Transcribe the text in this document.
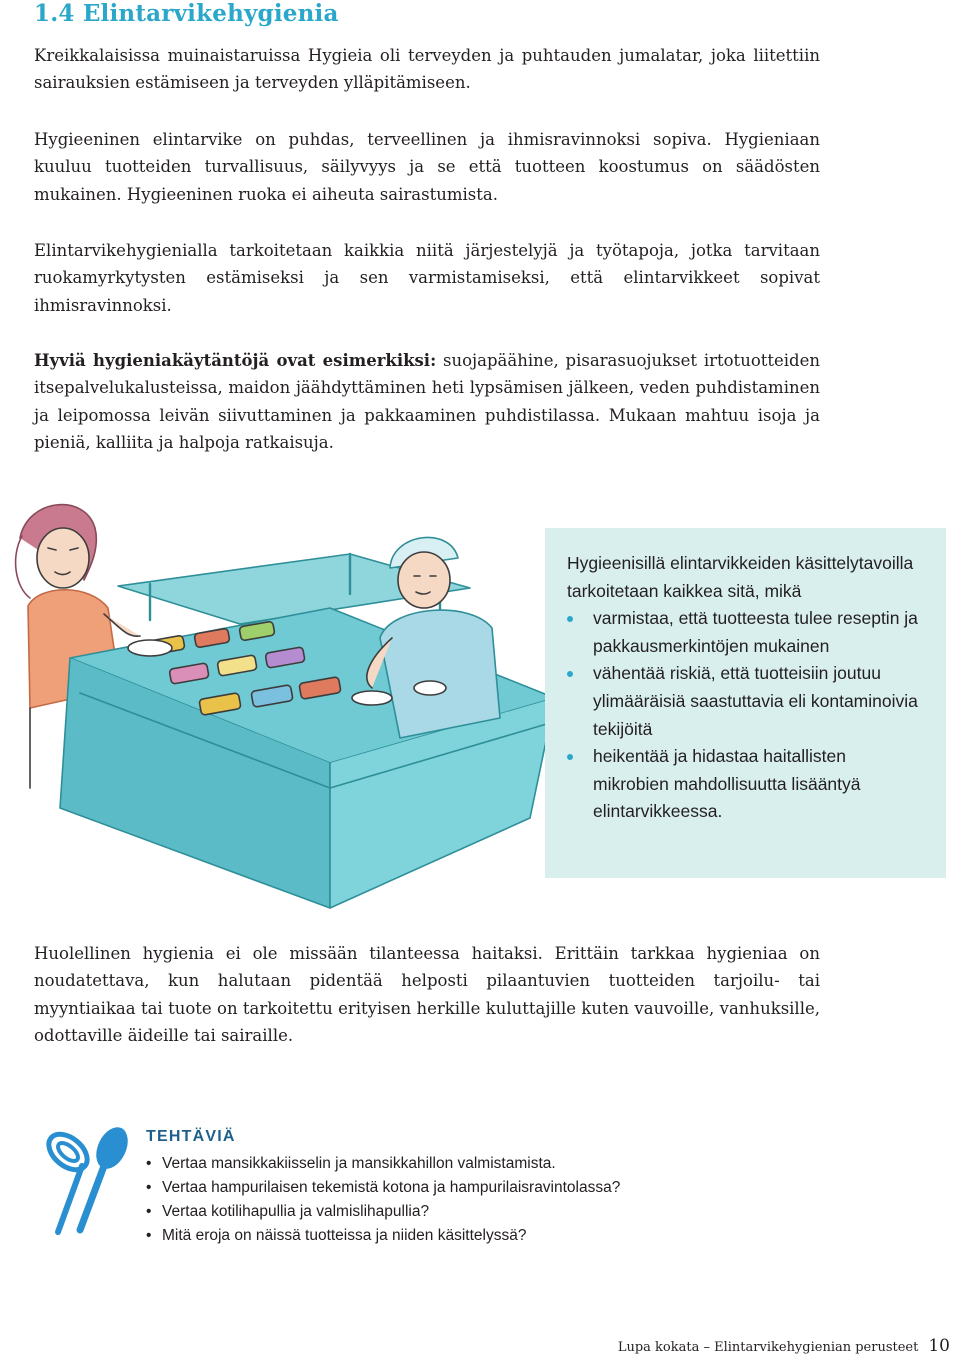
1.4 Elintarvikehygienia

Kreikkalaisissa muinaistaruissa Hygieia oli terveyden ja puhtauden jumalatar, joka liitettiin sairauksien estämiseen ja terveyden ylläpitämiseen.

Hygieeninen elintarvike on puhdas, terveellinen ja ihmisravinnoksi sopiva. Hygieniaan kuuluu tuotteiden turvallisuus, säilyvyys ja se että tuotteen koostumus on säädösten mukainen. Hygieeninen ruoka ei aiheuta sairastumista.

Elintarvikehygienialla tarkoitetaan kaikkia niitä järjestelyjä ja työtapoja, jotka tarvitaan ruokamyrkytysten estämiseksi ja sen varmistamiseksi, että elintarvikkeet sopivat ihmisravinnoksi.

Hyviä hygieniakäytäntöjä ovat esimerkiksi: suojapäähine, pisarasuojukset irtotuotteiden itsepalvelukalusteissa, maidon jäähdyttäminen heti lypsämisen jälkeen, veden puhdistaminen ja leipomossa leivän siivuttaminen ja pakkaaminen puhdistilassa. Mukaan mahtuu isoja ja pieniä, kalliita ja halpoja ratkaisuja.

Hygieenisillä elintarvikkeiden käsittelytavoilla tarkoitetaan kaikkea sitä, mikä
varmistaa, että tuotteesta tulee reseptin ja pakkausmerkintöjen mukainen
vähentää riskiä, että tuotteisiin joutuu ylimääräisiä saastuttavia eli kontaminoivia tekijöitä
heikentää ja hidastaa haitallisten mikrobien mahdollisuutta lisääntyä elintarvikkeessa.

Huolellinen hygienia ei ole missään tilanteessa haitaksi. Erittäin tarkkaa hygieniaa on noudatettava, kun halutaan pidentää helposti pilaantuvien tuotteiden tarjoilu- tai myyntiaikaa tai tuote on tarkoitettu erityisen herkille kuluttajille kuten vauvoille, vanhuksille, odottaville äideille tai sairaille.

TEHTÄVIÄ
• Vertaa mansikkakiisselin ja mansikkahillon valmistamista.
• Vertaa hampurilaisen tekemistä kotona ja hampurilaisravintolassa?
• Vertaa kotilihapullia ja valmislihapullia?
• Mitä eroja on näissä tuotteissa ja niiden käsittelyssä?
Lupa kokata – Elintarvikehygienian perusteet 10
